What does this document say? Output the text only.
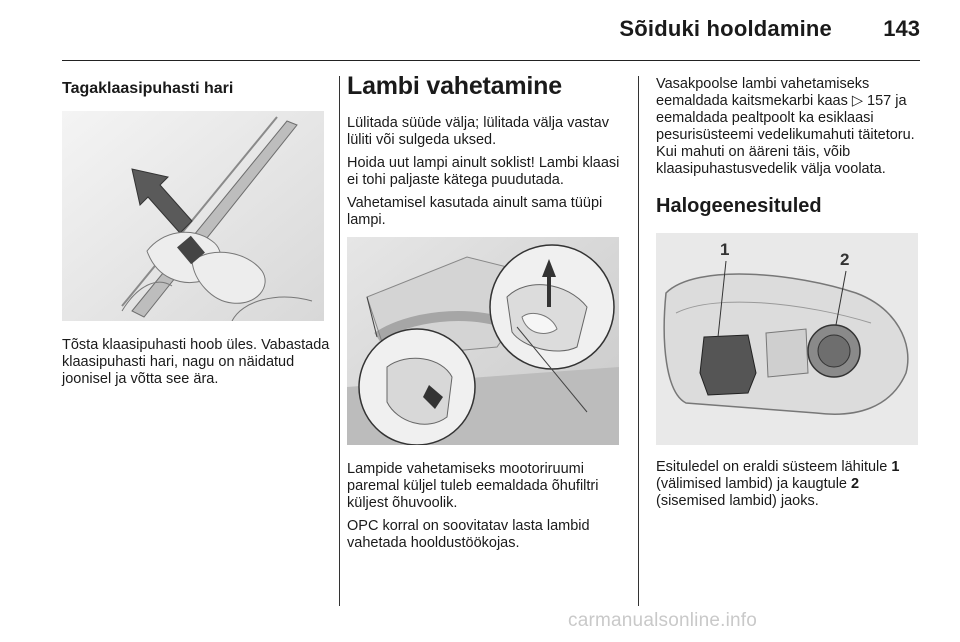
Sõiduki hooldamine 143
Tagaklaasipuhasti hari

Tõsta klaasipuhasti hoob üles. Vabastada klaasipuhasti hari, nagu on näidatud joonisel ja võtta see ära.

Lambi vahetamine

Lülitada süüde välja; lülitada välja vastav lüliti või sulgeda uksed.

Hoida uut lampi ainult soklist! Lambi klaasi ei tohi paljaste kätega puudutada.

Vahetamisel kasutada ainult sama tüüpi lampi.

Lampide vahetamiseks mootoriruumi paremal küljel tuleb eemaldada õhufiltri küljest õhuvoolik.

OPC korral on soovitatav lasta lambid vahetada hooldustöökojas.

Vasakpoolse lambi vahetamiseks eemaldada kaitsmekarbi kaas ▷ 157 ja eemaldada pealtpoolt ka esiklaasi pesurisüsteemi vedelikumahuti täitetoru. Kui mahuti on ääreni täis, võib klaasipuhastusvedelik välja voolata.

Halogeenesituled
1
2

Esituledel on eraldi süsteem lähitule 1 (välimised lambid) ja kaugtule 2 (sisemised lambid) jaoks.

carmanualsonline.info
